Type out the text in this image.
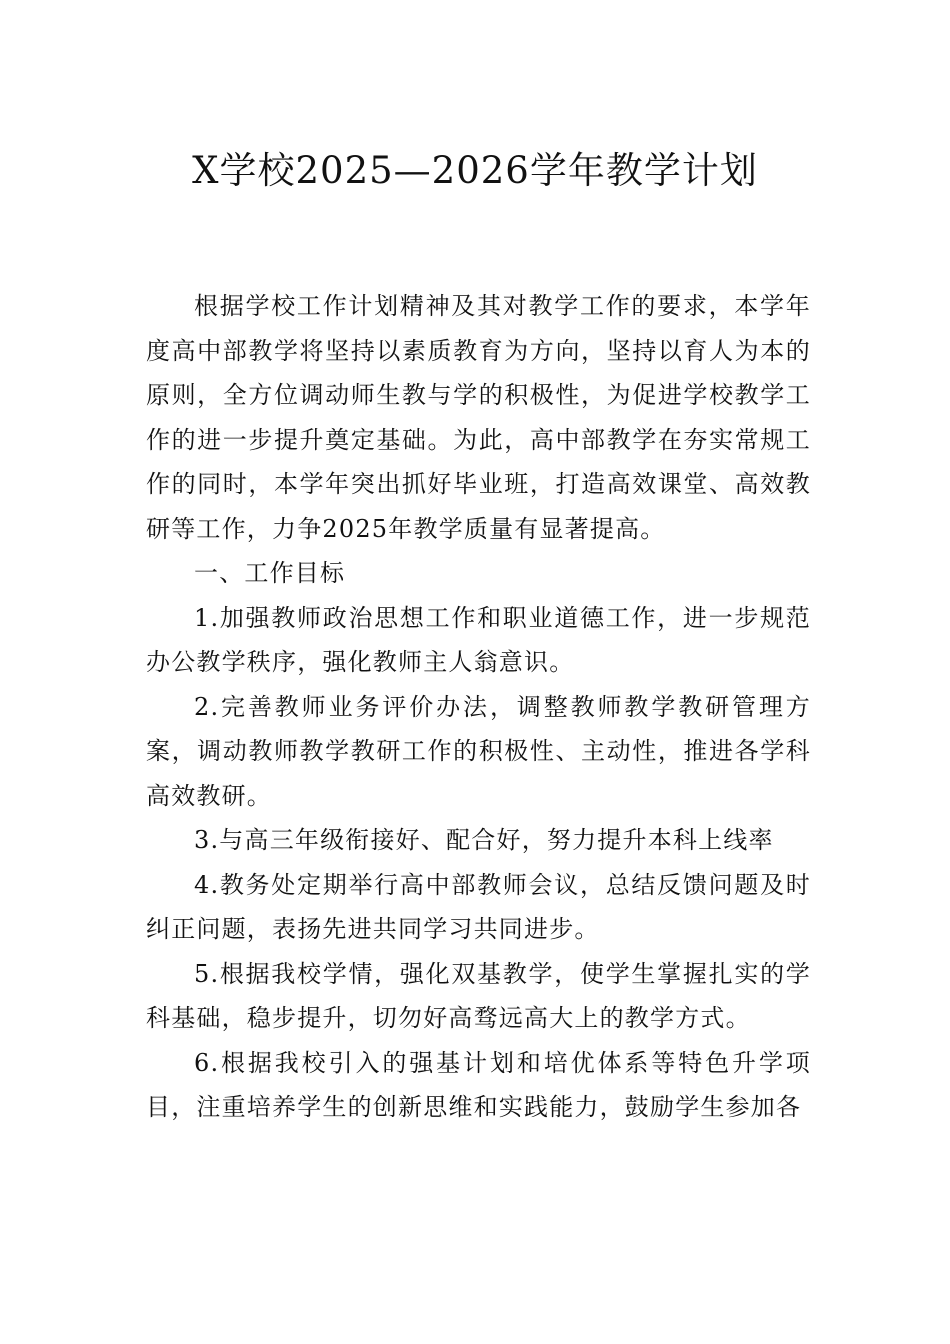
X学校2025—2026学年教学计划

根据学校工作计划精神及其对教学工作的要求，本学年度高中部教学将坚持以素质教育为方向，坚持以育人为本的原则，全方位调动师生教与学的积极性，为促进学校教学工作的进一步提升奠定基础。为此，高中部教学在夯实常规工作的同时，本学年突出抓好毕业班，打造高效课堂、高效教研等工作，力争2025年教学质量有显著提高。

一、工作目标

1.加强教师政治思想工作和职业道德工作，进一步规范办公教学秩序，强化教师主人翁意识。

2.完善教师业务评价办法，调整教师教学教研管理方案，调动教师教学教研工作的积极性、主动性，推进各学科高效教研。

3.与高三年级衔接好、配合好，努力提升本科上线率

4.教务处定期举行高中部教师会议，总结反馈问题及时纠正问题，表扬先进共同学习共同进步。

5.根据我校学情，强化双基教学，使学生掌握扎实的学科基础，稳步提升，切勿好高骛远高大上的教学方式。

6.根据我校引入的强基计划和培优体系等特色升学项目，注重培养学生的创新思维和实践能力，鼓励学生参加各
